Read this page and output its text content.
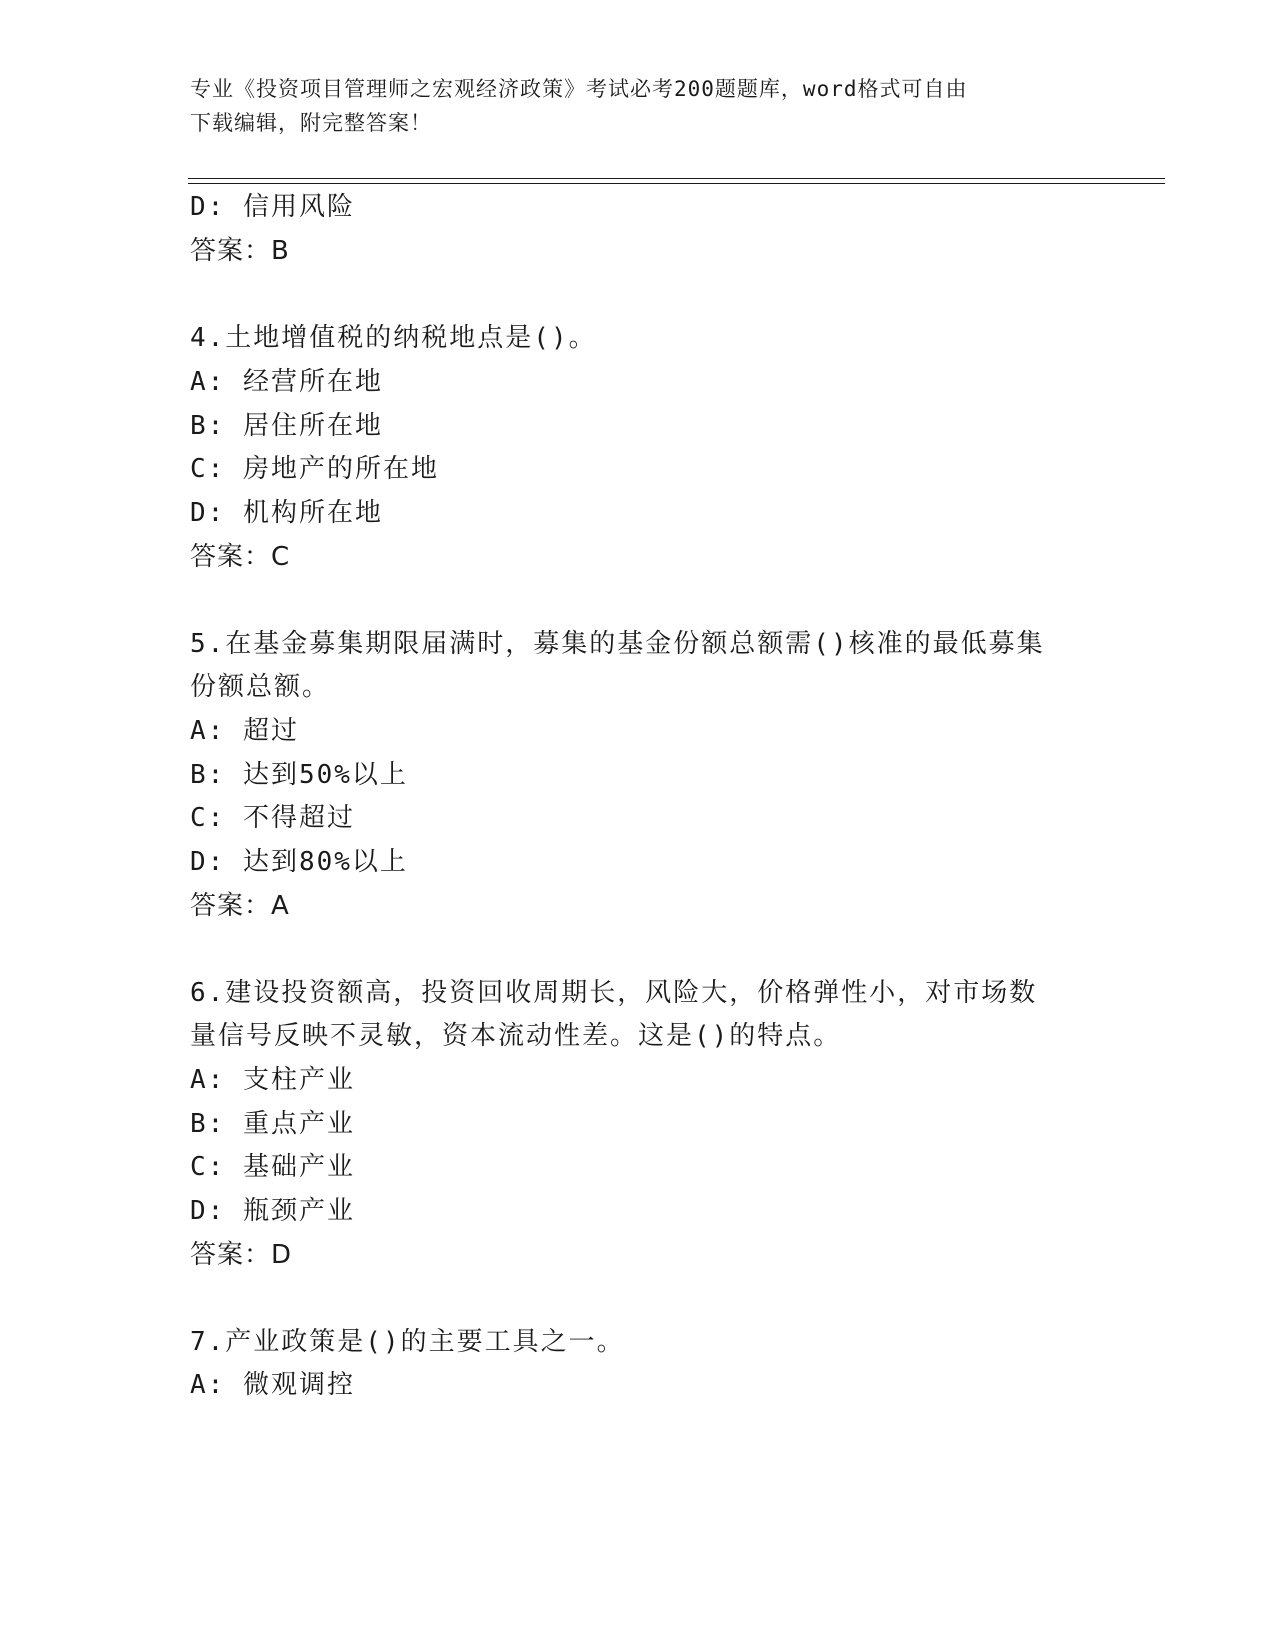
专业《投资项目管理师之宏观经济政策》考试必考200题题库，word格式可自由
下载编辑，附完整答案！
D: 信用风险
答案：B
4.土地增值税的纳税地点是()。
A: 经营所在地
B: 居住所在地
C: 房地产的所在地
D: 机构所在地
答案：C
5.在基金募集期限届满时，募集的基金份额总额需()核准的最低募集
份额总额。
A: 超过
B: 达到50%以上
C: 不得超过
D: 达到80%以上
答案：A
6.建设投资额高，投资回收周期长，风险大，价格弹性小，对市场数
量信号反映不灵敏，资本流动性差。这是()的特点。
A: 支柱产业
B: 重点产业
C: 基础产业
D: 瓶颈产业
答案：D
7.产业政策是()的主要工具之一。
A: 微观调控
